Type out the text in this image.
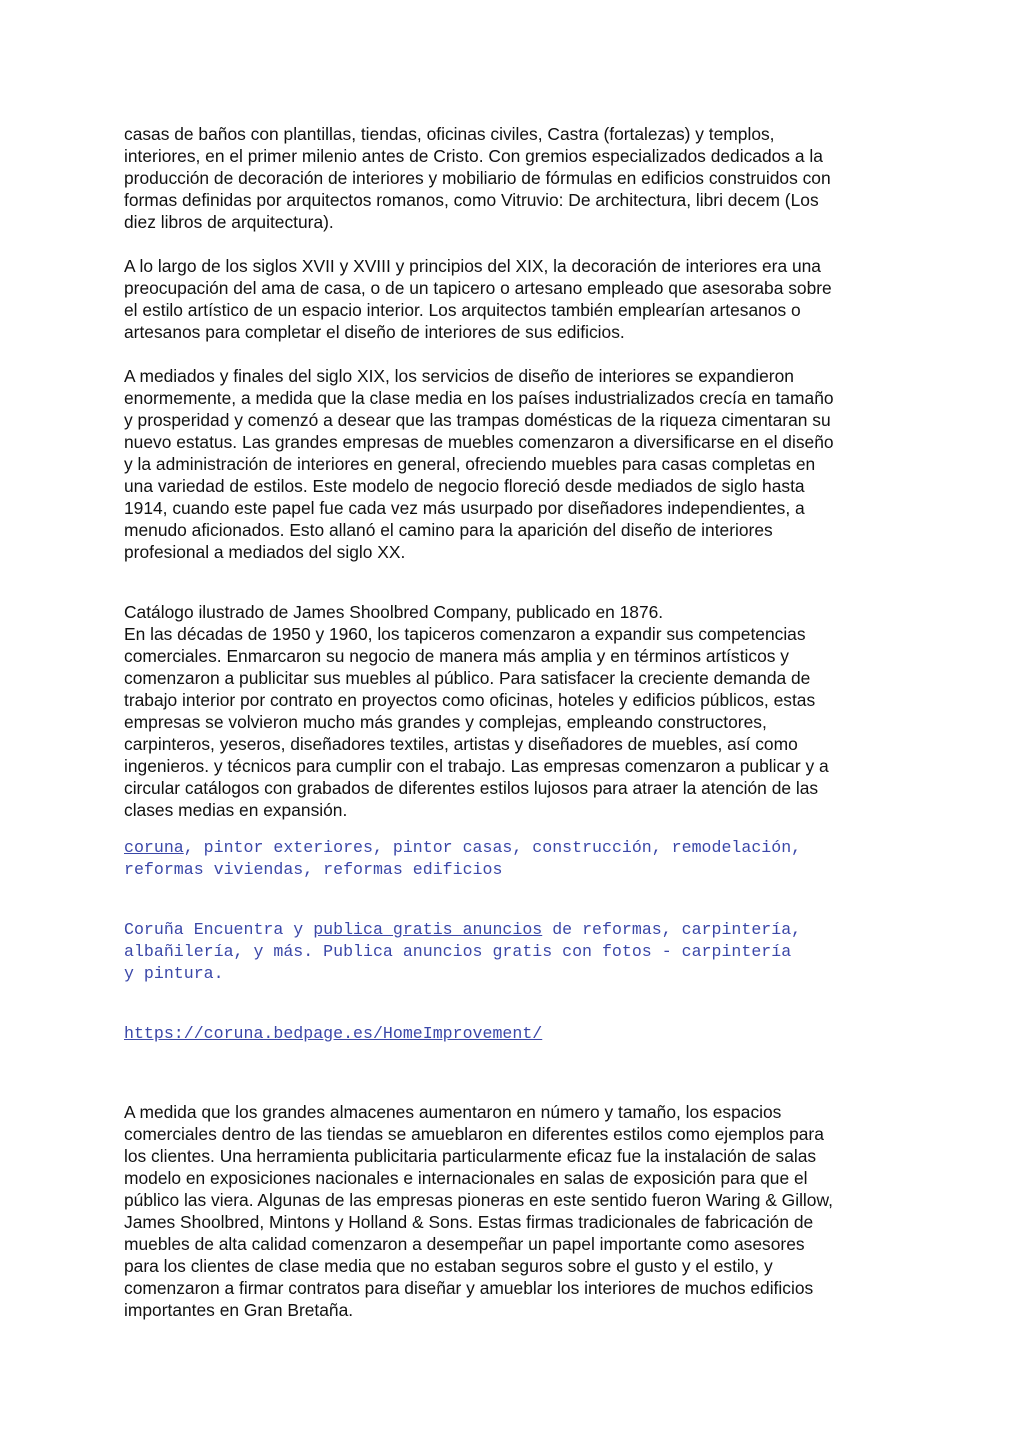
casas de baños con plantillas, tiendas, oficinas civiles, Castra (fortalezas) y templos,
interiores, en el primer milenio antes de Cristo. Con gremios especializados dedicados a la
producción de decoración de interiores y mobiliario de fórmulas en edificios construidos con
formas definidas por arquitectos romanos, como Vitruvio: De architectura, libri decem (Los
diez libros de arquitectura).

A lo largo de los siglos XVII y XVIII y principios del XIX, la decoración de interiores era una
preocupación del ama de casa, o de un tapicero o artesano empleado que asesoraba sobre
el estilo artístico de un espacio interior. Los arquitectos también emplearían artesanos o
artesanos para completar el diseño de interiores de sus edificios.

A mediados y finales del siglo XIX, los servicios de diseño de interiores se expandieron
enormemente, a medida que la clase media en los países industrializados crecía en tamaño
y prosperidad y comenzó a desear que las trampas domésticas de la riqueza cimentaran su
nuevo estatus. Las grandes empresas de muebles comenzaron a diversificarse en el diseño
y la administración de interiores en general, ofreciendo muebles para casas completas en
una variedad de estilos. Este modelo de negocio floreció desde mediados de siglo hasta
1914, cuando este papel fue cada vez más usurpado por diseñadores independientes, a
menudo aficionados. Esto allanó el camino para la aparición del diseño de interiores
profesional a mediados del siglo XX.

Catálogo ilustrado de James Shoolbred Company, publicado en 1876.
En las décadas de 1950 y 1960, los tapiceros comenzaron a expandir sus competencias
comerciales. Enmarcaron su negocio de manera más amplia y en términos artísticos y
comenzaron a publicitar sus muebles al público. Para satisfacer la creciente demanda de
trabajo interior por contrato en proyectos como oficinas, hoteles y edificios públicos, estas
empresas se volvieron mucho más grandes y complejas, empleando constructores,
carpinteros, yeseros, diseñadores textiles, artistas y diseñadores de muebles, así como
ingenieros. y técnicos para cumplir con el trabajo. Las empresas comenzaron a publicar y a
circular catálogos con grabados de diferentes estilos lujosos para atraer la atención de las
clases medias en expansión.

coruna, pintor exteriores, pintor casas, construcción, remodelación,
reformas viviendas, reformas edificios

Coruña Encuentra y publica gratis anuncios de reformas, carpintería,
albañilería, y más. Publica anuncios gratis con fotos - carpintería
y pintura.

https://coruna.bedpage.es/HomeImprovement/

A medida que los grandes almacenes aumentaron en número y tamaño, los espacios
comerciales dentro de las tiendas se amueblaron en diferentes estilos como ejemplos para
los clientes. Una herramienta publicitaria particularmente eficaz fue la instalación de salas
modelo en exposiciones nacionales e internacionales en salas de exposición para que el
público las viera. Algunas de las empresas pioneras en este sentido fueron Waring & Gillow,
James Shoolbred, Mintons y Holland & Sons. Estas firmas tradicionales de fabricación de
muebles de alta calidad comenzaron a desempeñar un papel importante como asesores
para los clientes de clase media que no estaban seguros sobre el gusto y el estilo, y
comenzaron a firmar contratos para diseñar y amueblar los interiores de muchos edificios
importantes en Gran Bretaña.
